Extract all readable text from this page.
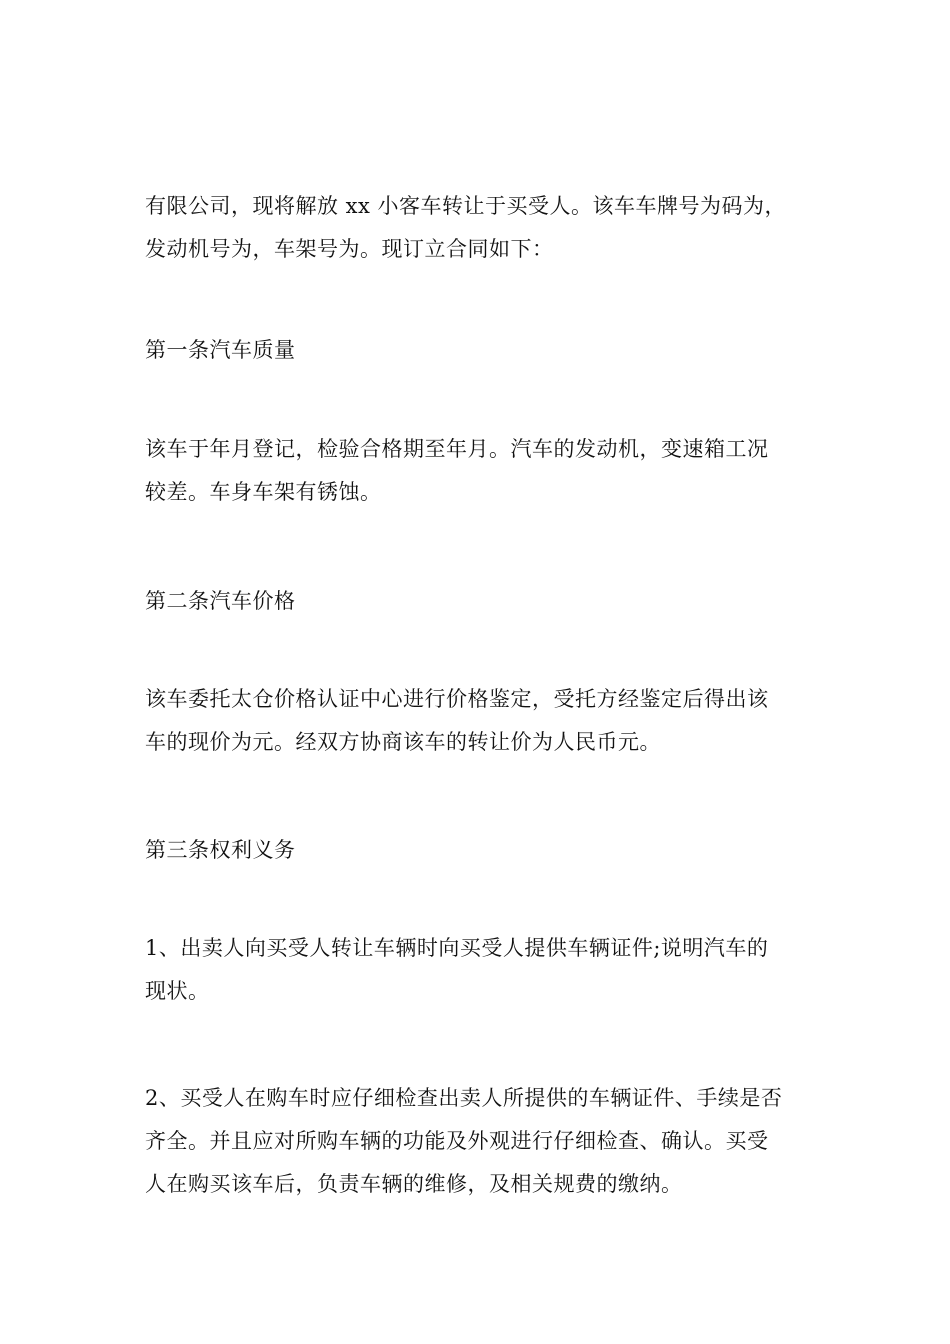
有限公司，现将解放 xx 小客车转让于买受人。该车车牌号为码为，
发动机号为，车架号为。现订立合同如下：

第一条汽车质量

该车于年月登记，检验合格期至年月。汽车的发动机，变速箱工况
较差。车身车架有锈蚀。

第二条汽车价格

该车委托太仓价格认证中心进行价格鉴定，受托方经鉴定后得出该
车的现价为元。经双方协商该车的转让价为人民币元。

第三条权利义务

1、出卖人向买受人转让车辆时向买受人提供车辆证件;说明汽车的
现状。

2、买受人在购车时应仔细检查出卖人所提供的车辆证件、手续是否
齐全。并且应对所购车辆的功能及外观进行仔细检查、确认。买受
人在购买该车后，负责车辆的维修，及相关规费的缴纳。
